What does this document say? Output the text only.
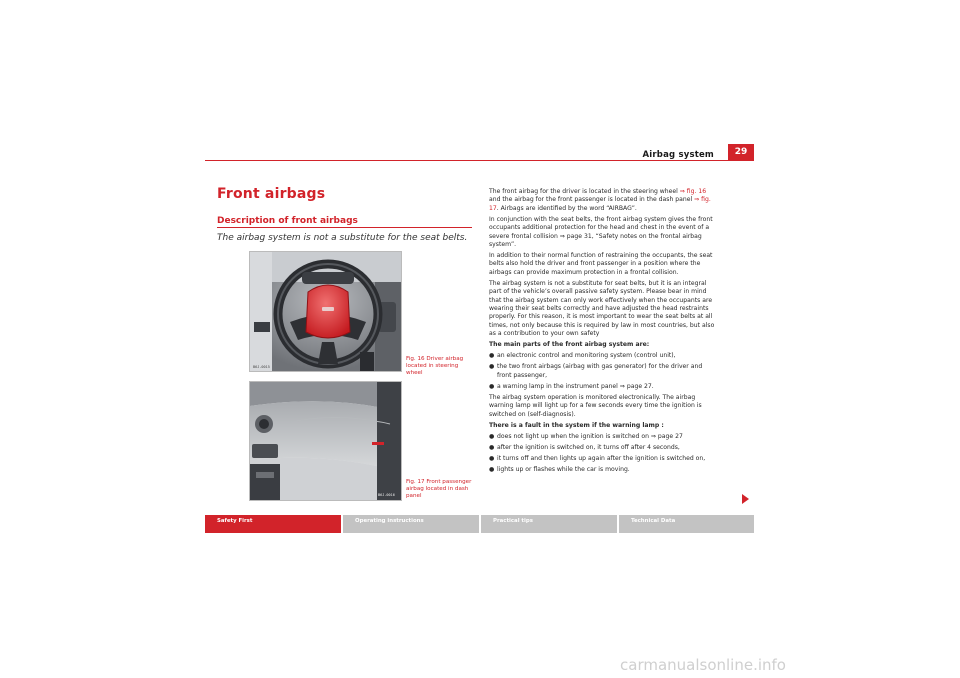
Airbag system	29
Front airbags
Description of front airbags
The airbag system is not a substitute for the seat belts.
B6J-0015
Fig. 16 Driver airbag located in steering wheel
B6J-0016
Fig. 17 Front passenger airbag located in dash panel

The front airbag for the driver is located in the steering wheel ⇒ fig. 16 and the airbag for the front passenger is located in the dash panel ⇒ fig. 17. Airbags are identified by the word “AIRBAG”.

In conjunction with the seat belts, the front airbag system gives the front occupants additional protection for the head and chest in the event of a severe frontal collision ⇒ page 31, “Safety notes on the frontal airbag system”.

In addition to their normal function of restraining the occupants, the seat belts also hold the driver and front passenger in a position where the airbags can provide maximum protection in a frontal collision.

The airbag system is not a substitute for seat belts, but it is an integral part of the vehicle’s overall passive safety system. Please bear in mind that the airbag system can only work effectively when the occupants are wearing their seat belts correctly and have adjusted the head restraints properly. For this reason, it is most important to wear the seat belts at all times, not only because this is required by law in most countries, but also as a contribution to your own safety

The main parts of the front airbag system are:

● an electronic control and monitoring system (control unit),

● the two front airbags (airbag with gas generator) for the driver and front passenger,

● a warning lamp in the instrument panel ⇒ page 27.

The airbag system operation is monitored electronically. The airbag warning lamp will light up for a few seconds every time the ignition is switched on (self-diagnosis).

There is a fault in the system if the warning lamp :

● does not light up when the ignition is switched on ⇒ page 27

● after the ignition is switched on, it turns off after 4 seconds,

● it turns off and then lights up again after the ignition is switched on,

● lights up or flashes while the car is moving.

Safety First	Operating instructions	Practical tips	Technical Data
carmanualsonline.info
